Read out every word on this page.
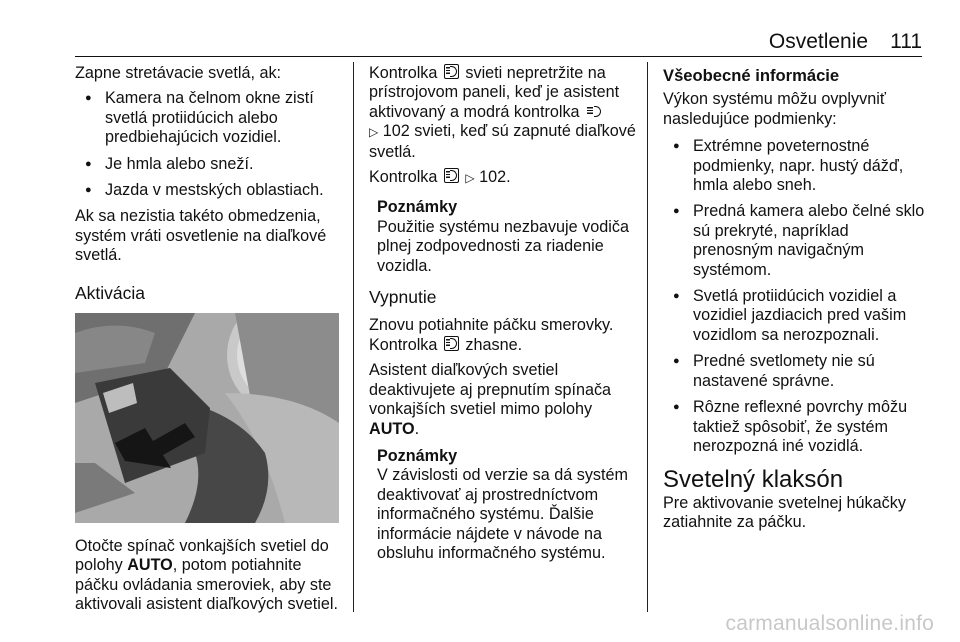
Osvetlenie 111

Zapne stretávacie svetlá, ak:

● Kamera na čelnom okne zistí svetlá protiidúcich alebo predbiehajúcich vozidiel.
● Je hmla alebo sneží.
● Jazda v mestských oblastiach.

Ak sa nezistia takéto obmedzenia, systém vráti osvetlenie na diaľkové svetlá.

Aktivácia

Otočte spínač vonkajších svetiel do polohy AUTO, potom potiahnite páčku ovládania smeroviek, aby ste aktivovali asistent diaľkových svetiel.

Kontrolka  svieti nepretržite na prístrojovom paneli, keď je asistent aktivovaný a modrá kontrolka
▷ 102 svieti, keď sú zapnuté diaľkové svetlá.

Kontrolka  ▷ 102.

Poznámky
Použitie systému nezbavuje vodiča plnej zodpovednosti za riadenie vozidla.
Vypnutie

Znovu potiahnite páčku smerovky.
Kontrolka  zhasne.

Asistent diaľkových svetiel deaktivujete aj prepnutím spínača vonkajších svetiel mimo polohy AUTO.

Poznámky
V závislosti od verzie sa dá systém deaktivovať aj prostredníctvom informačného systému. Ďalšie informácie nájdete v návode na obsluhu informačného systému.
Všeobecné informácie

Výkon systému môžu ovplyvniť nasledujúce podmienky:

● Extrémne poveternostné podmienky, napr. hustý dážď, hmla alebo sneh.
● Predná kamera alebo čelné sklo sú prekryté, napríklad prenosným navigačným systémom.
● Svetlá protiidúcich vozidiel a vozidiel jazdiacich pred vašim vozidlom sa nerozpoznali.
● Predné svetlomety nie sú nastavené správne.
● Rôzne reflexné povrchy môžu taktiež spôsobiť, že systém nerozpozná iné vozidlá.
Svetelný klaksón

Pre aktivovanie svetelnej húkačky zatiahnite za páčku.

carmanualsonline.info
